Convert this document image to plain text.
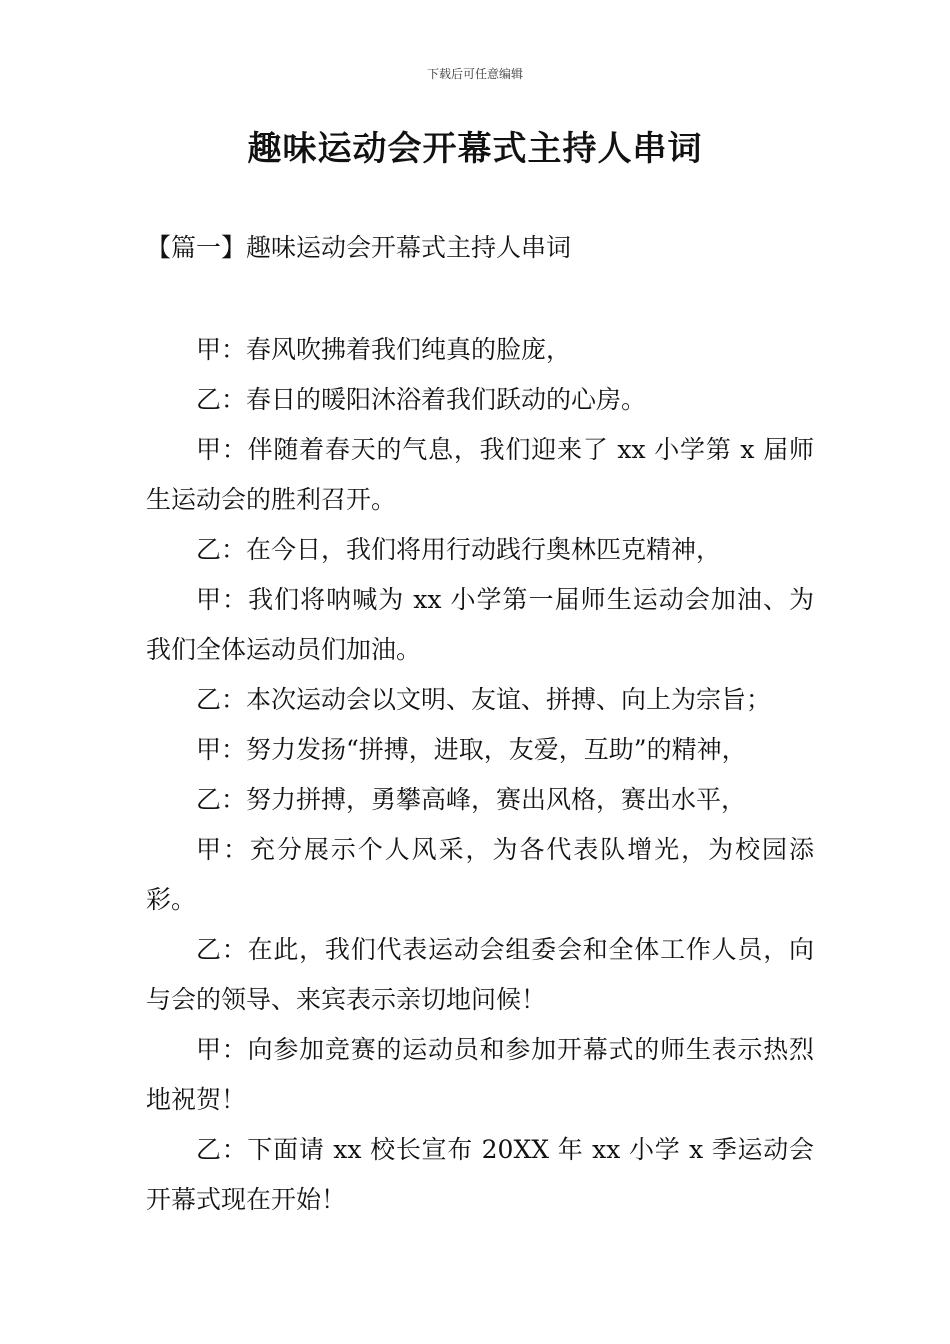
下载后可任意编辑
趣味运动会开幕式主持人串词
【篇一】趣味运动会开幕式主持人串词

甲：春风吹拂着我们纯真的脸庞，

乙：春日的暖阳沐浴着我们跃动的心房。

甲：伴随着春天的气息，我们迎来了 xx 小学第 x 届师生运动会的胜利召开。

乙：在今日，我们将用行动践行奥林匹克精神，

甲：我们将呐喊为 xx 小学第一届师生运动会加油、为我们全体运动员们加油。

乙：本次运动会以文明、友谊、拼搏、向上为宗旨；

甲：努力发扬“拼搏，进取，友爱，互助”的精神，

乙：努力拼搏，勇攀高峰，赛出风格，赛出水平，

甲：充分展示个人风采，为各代表队增光，为校园添彩。

乙：在此，我们代表运动会组委会和全体工作人员，向与会的领导、来宾表示亲切地问候！

甲：向参加竞赛的运动员和参加开幕式的师生表示热烈地祝贺！

乙：下面请 xx 校长宣布 20XX 年 xx 小学 x 季运动会开幕式现在开始！
